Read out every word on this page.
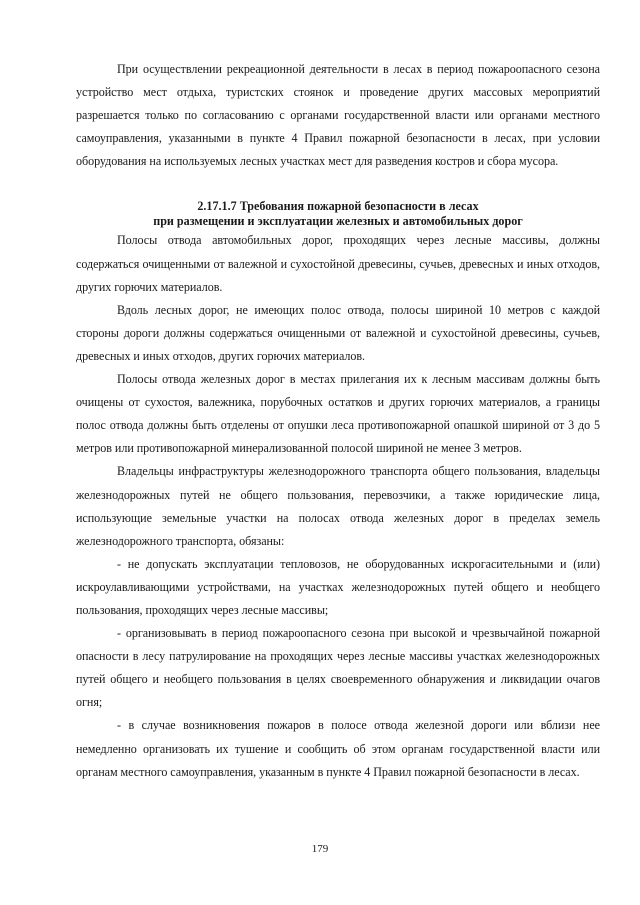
При осуществлении рекреационной деятельности в лесах в период пожароопасного сезона устройство мест отдыха, туристских стоянок и проведение других массовых мероприятий разрешается только по согласованию с органами государственной власти или органами местного самоуправления, указанными в пункте 4 Правил пожарной безопасности в лесах, при условии оборудования на используемых лесных участках мест для разведения костров и сбора мусора.

2.17.1.7 Требования пожарной безопасности в лесах

при размещении и эксплуатации железных и автомобильных дорог

Полосы отвода автомобильных дорог, проходящих через лесные массивы, должны содержаться очищенными от валежной и сухостойной древесины, сучьев, древесных и иных отходов, других горючих материалов.

Вдоль лесных дорог, не имеющих полос отвода, полосы шириной 10 метров с каждой стороны дороги должны содержаться очищенными от валежной и сухостойной древесины, сучьев, древесных и иных отходов, других горючих материалов.

Полосы отвода железных дорог в местах прилегания их к лесным массивам должны быть очищены от сухостоя, валежника, порубочных остатков и других горючих материалов, а границы полос отвода должны быть отделены от опушки леса противопожарной опашкой шириной от 3 до 5 метров или противопожарной минерализованной полосой шириной не менее 3 метров.

Владельцы инфраструктуры железнодорожного транспорта общего пользования, владельцы железнодорожных путей не общего пользования, перевозчики, а также юридические лица, использующие земельные участки на полосах отвода железных дорог в пределах земель железнодорожного транспорта, обязаны:

- не допускать эксплуатации тепловозов, не оборудованных искрогасительными и (или) искроулавливающими устройствами, на участках железнодорожных путей общего и необщего пользования, проходящих через лесные массивы;

- организовывать в период пожароопасного сезона при высокой и чрезвычайной пожарной опасности в лесу патрулирование на проходящих через лесные массивы участках железнодорожных путей общего и необщего пользования в целях своевременного обнаружения и ликвидации очагов огня;

- в случае возникновения пожаров в полосе отвода железной дороги или вблизи нее немедленно организовать их тушение и сообщить об этом органам государственной власти или органам местного самоуправления, указанным в пункте 4 Правил пожарной безопасности в лесах.

179
